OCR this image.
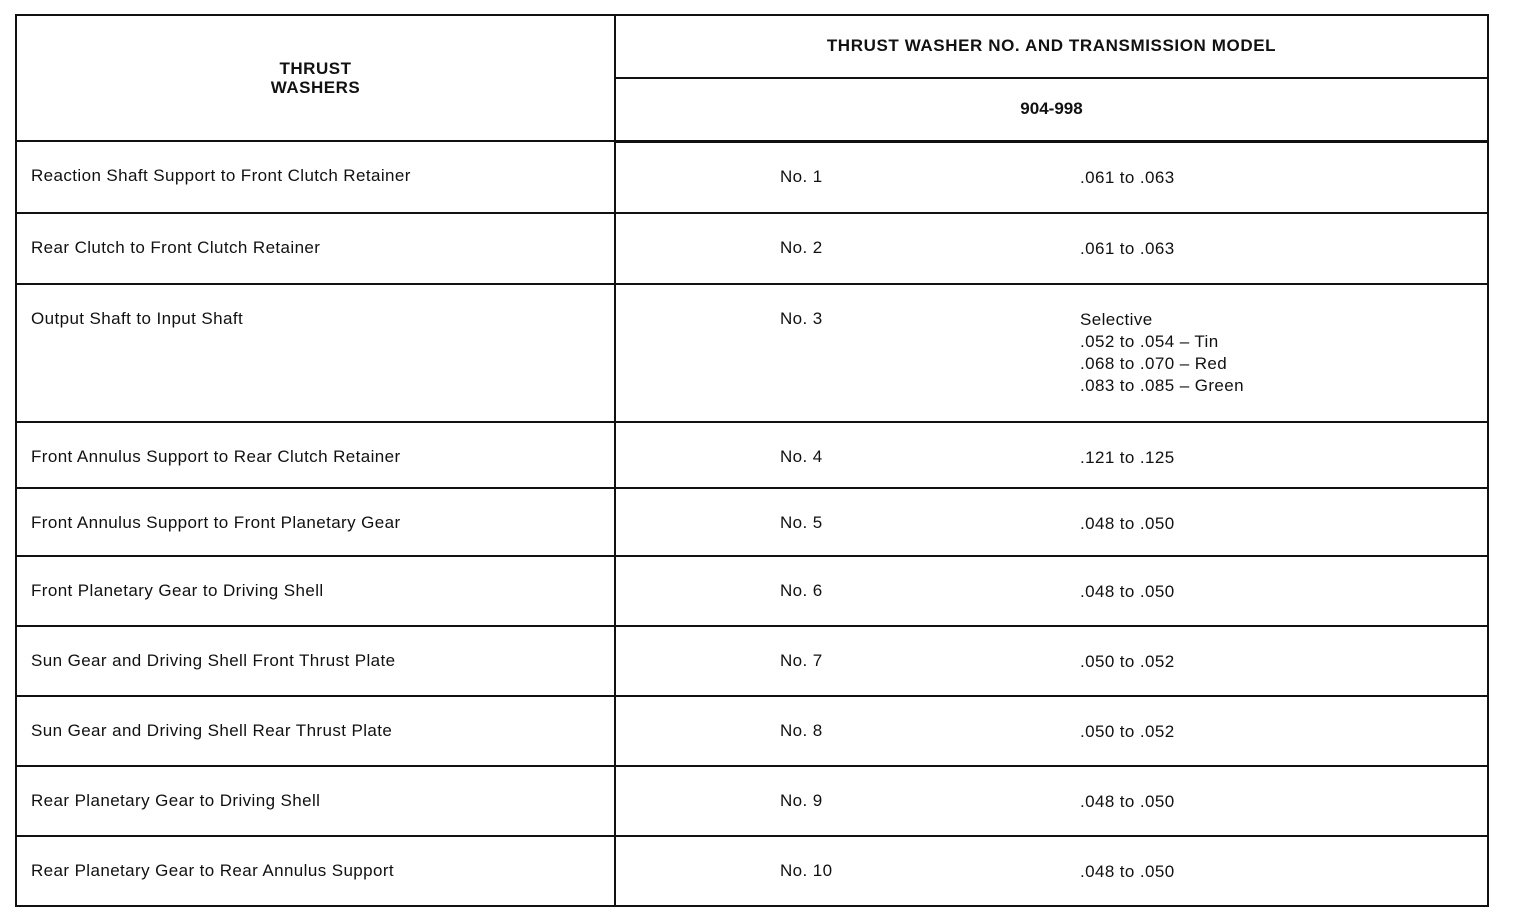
THRUST
WASHERS	THRUST WASHER NO. AND TRANSMISSION MODEL
	904-998
Reaction Shaft Support to Front Clutch Retainer	No. 1 .061 to .063

Rear Clutch to Front Clutch Retainer	No. 2 .061 to .063

Output Shaft to Input Shaft	No. 3 Selective
.052 to .054 – Tin
.068 to .070 – Red
.083 to .085 – Green

Front Annulus Support to Rear Clutch Retainer	No. 4 .121 to .125

Front Annulus Support to Front Planetary Gear	No. 5 .048 to .050

Front Planetary Gear to Driving Shell	No. 6 .048 to .050

Sun Gear and Driving Shell Front Thrust Plate	No. 7 .050 to .052

Sun Gear and Driving Shell Rear Thrust Plate	No. 8 .050 to .052

Rear Planetary Gear to Driving Shell	No. 9 .048 to .050

Rear Planetary Gear to Rear Annulus Support	No. 10 .048 to .050
